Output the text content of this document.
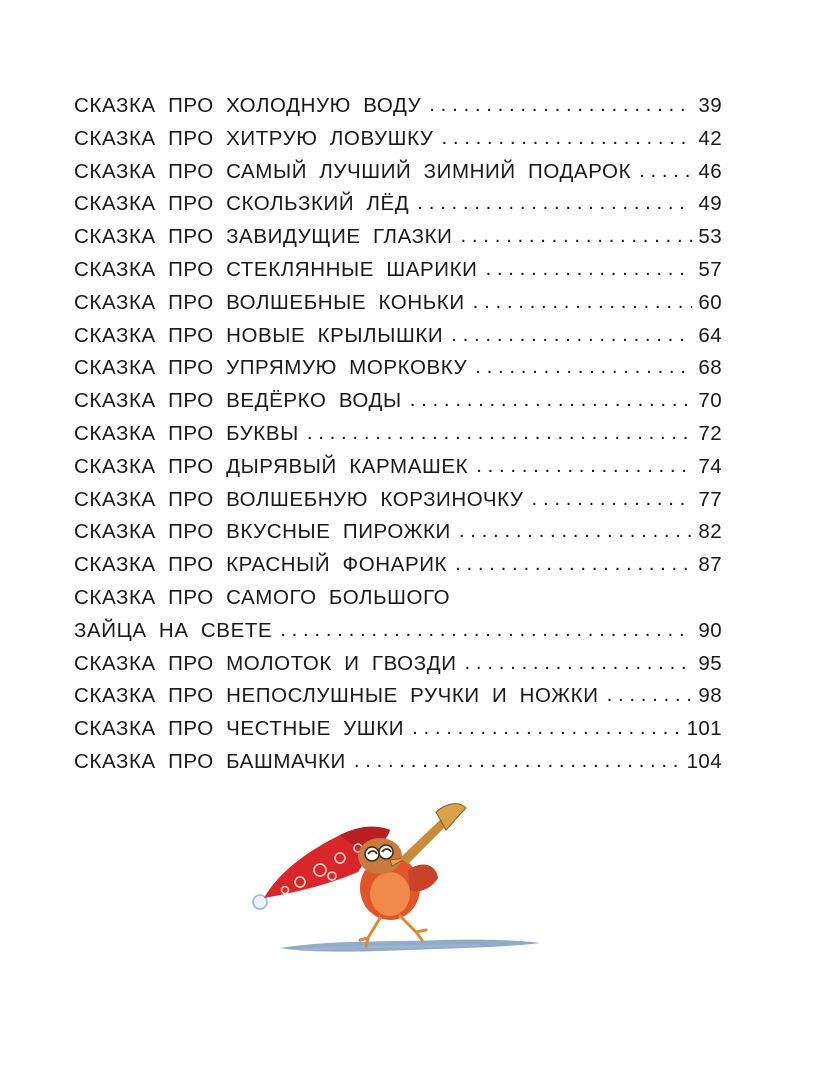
СКАЗКА ПРО ХОЛОДНУЮ ВОДУ . . .	39
СКАЗКА ПРО ХИТРУЮ ЛОВУШКУ . . .	42
СКАЗКА ПРО САМЫЙ ЛУЧШИЙ ЗИМНИЙ ПОДАРОК . . .	46
СКАЗКА ПРО СКОЛЬЗКИЙ ЛЁД . . .	49
СКАЗКА ПРО ЗАВИДУЩИЕ ГЛАЗКИ . . .	53
СКАЗКА ПРО СТЕКЛЯННЫЕ ШАРИКИ . . .	57
СКАЗКА ПРО ВОЛШЕБНЫЕ КОНЬКИ . . .	60
СКАЗКА ПРО НОВЫЕ КРЫЛЫШКИ . . .	64
СКАЗКА ПРО УПРЯМУЮ МОРКОВКУ . . .	68
СКАЗКА ПРО ВЕДЁРКО ВОДЫ . . .	70
СКАЗКА ПРО БУКВЫ . . .	72
СКАЗКА ПРО ДЫРЯВЫЙ КАРМАШЕК . . .	74
СКАЗКА ПРО ВОЛШЕБНУЮ КОРЗИНОЧКУ . . .	77
СКАЗКА ПРО ВКУСНЫЕ ПИРОЖКИ . . .	82
СКАЗКА ПРО КРАСНЫЙ ФОНАРИК . . .	87
СКАЗКА ПРО САМОГО БОЛЬШОГО
ЗАЙЦА НА СВЕТЕ . . .	90
СКАЗКА ПРО МОЛОТОК И ГВОЗДИ . . .	95
СКАЗКА ПРО НЕПОСЛУШНЫЕ РУЧКИ И НОЖКИ . . .	98
СКАЗКА ПРО ЧЕСТНЫЕ УШКИ . . .	101
СКАЗКА ПРО БАШМАЧКИ . . .	104
